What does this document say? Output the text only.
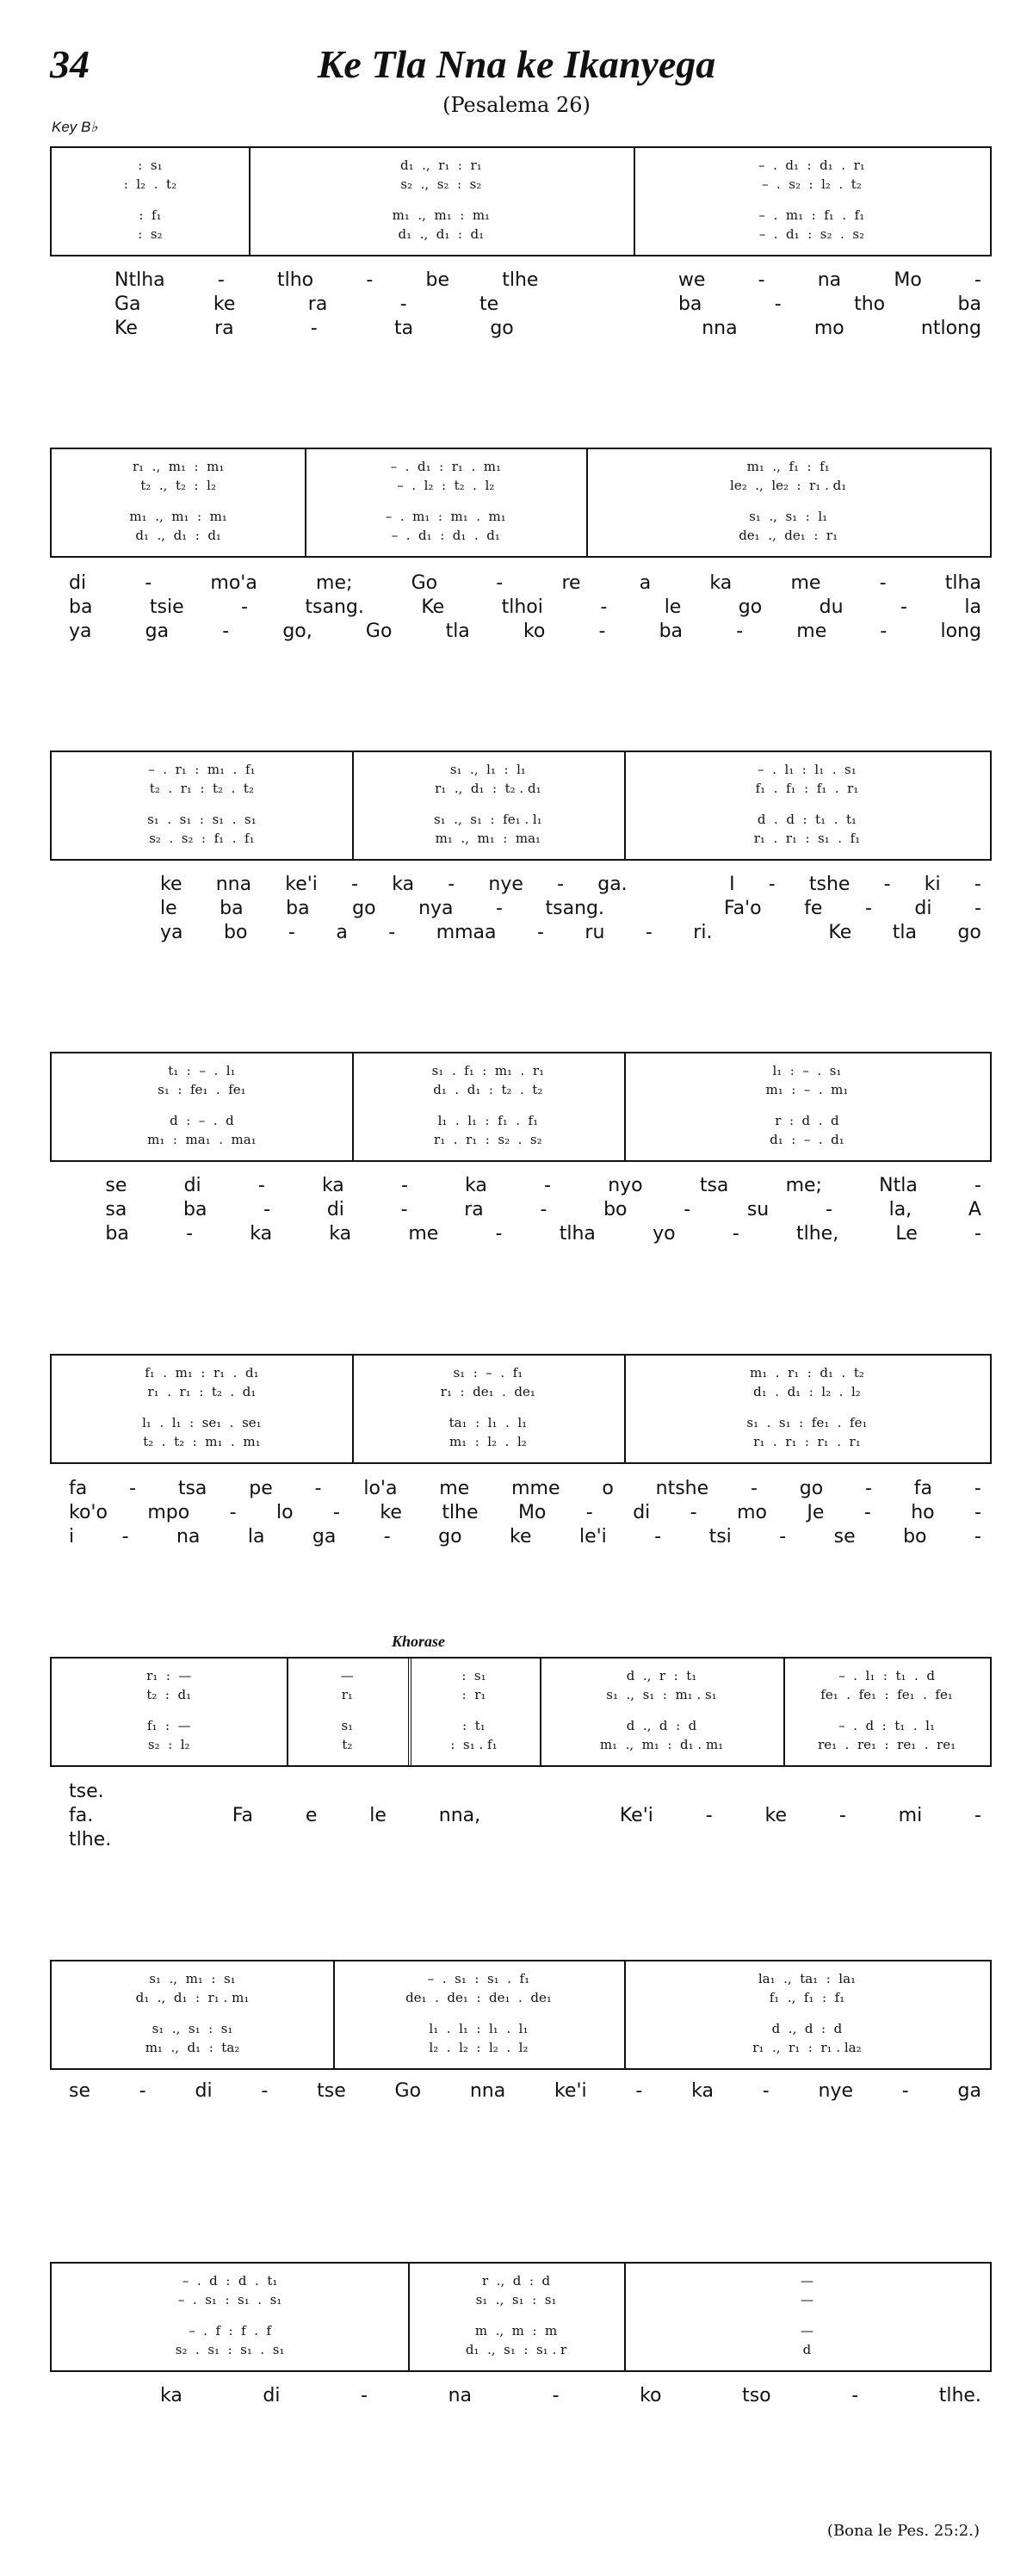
34	Ke Tla Nna ke Ikanyega
(Pesalema 26)
Key B♭
:  s₁	d₁  .,  r₁  :  r₁	–  .  d₁  :  d₁  .  r₁
:  l₂  .  t₂	s₂  .,  s₂  :  s₂	–  .  s₂  :  l₂  .  t₂
:  f₁	m₁  .,  m₁  :  m₁	–  .  m₁  :  f₁  .  f₁
:  s₂	d₁  .,  d₁  :  d₁	–  .  d₁  :  s₂  .  s₂
Ntlha	-	tlho	-	be	tlhe	we	-	na	Mo	-
Ga	ke	ra	-	te	ba	-	tho	ba
Ke	ra	-	ta	go	nna	mo	ntlong
r₁  .,  m₁  :  m₁	–  .  d₁  :  r₁  .  m₁	m₁  .,  f₁  :  f₁
t₂  .,  t₂  :  l₂	–  .  l₂  :  t₂  .  l₂	le₂  .,  le₂  :  r₁ . d₁
m₁  .,  m₁  :  m₁	–  .  m₁  :  m₁  .  m₁	s₁  .,  s₁  :  l₁
d₁  .,  d₁  :  d₁	–  .  d₁  :  d₁  .  d₁	de₁  .,  de₁  :  r₁
di	-	mo'a	me;	Go	-	re	a	ka	me	-	tlha
ba	tsie	-	tsang.	Ke	tlhoi	-	le	go	du	-	la
ya	ga	-	go,	Go	tla	ko	-	ba	-	me	-	long
–  .  r₁  :  m₁  .  f₁	s₁  .,  l₁  :  l₁	–  .  l₁  :  l₁  .  s₁
t₂  .  r₁  :  t₂  .  t₂	r₁  .,  d₁  :  t₂ . d₁	f₁  .  f₁  :  f₁  .  r₁
s₁  .  s₁  :  s₁  .  s₁	s₁  .,  s₁  :  fe₁ . l₁	d  .  d  :  t₁  .  t₁
s₂  .  s₂  :  f₁  .  f₁	m₁  .,  m₁  :  ma₁	r₁  .  r₁  :  s₁  .  f₁
ke nna ke'i - ka - nye - ga.	I - tshe - ki -
le ba ba go nya - tsang.	Fa'o fe - di -
ya bo - a - mmaa - ru - ri.	Ke tla go
t₁  :  –  .  l₁	s₁  .  f₁  :  m₁  .  r₁	l₁  :  –  .  s₁
s₁  :  fe₁  .  fe₁	d₁  .  d₁  :  t₂  .  t₂	m₁  :  –  .  m₁
d  :  –  .  d	l₁  .  l₁  :  f₁  .  f₁	r  :  d  .  d
m₁  :  ma₁  .  ma₁	r₁  .  r₁  :  s₂  .  s₂	d₁  :  –  .  d₁
se	di	-	ka	-	ka	-	nyo	tsa	me;	Ntla	-
sa	ba	-	di	-	ra	-	bo	-	su	-	la,	A
ba	-	ka	ka	me	-	tlha	yo	-	tlhe,	Le	-
f₁  .  m₁  :  r₁  .  d₁	s₁  :  –  .  f₁	m₁  .  r₁  :  d₁  .  t₂
r₁  .  r₁  :  t₂  .  d₁	r₁  :  de₁  .  de₁	d₁  .  d₁  :  l₂  .  l₂
l₁  .  l₁  :  se₁  .  se₁	ta₁  :  l₁  .  l₁	s₁  .  s₁  :  fe₁  .  fe₁
t₂  .  t₂  :  m₁  .  m₁	m₁  :  l₂  .  l₂	r₁  .  r₁  :  r₁  .  r₁
fa - tsa pe - lo'a me mme o ntshe - go - fa -
ko'o mpo - lo - ke tlhe Mo - di - mo Je - ho -
i	-	na	la	ga	-	go	ke	le'i	-	tsi	-	se	bo	-
r₁  :  —	—	:  s₁	d  .,  r  :  t₁	–  .  l₁  :  t₁  .  d
t₂  :  d₁	r₁	:  r₁	s₁  .,  s₁  :  m₁ . s₁	fe₁  .  fe₁  :  fe₁  .  fe₁
f₁  :  —	s₁	:  t₁	d  .,  d  :  d	–  .  d  :  t₁  .  l₁
s₂  :  l₂	t₂	:  s₁ . f₁	m₁  .,  m₁  :  d₁ . m₁	re₁  .  re₁  :  re₁  .  re₁
Khorase
tse.
fa.	Fa	e	le	nna,	Ke'i	-	ke	-	mi	-
tlhe.
s₁  .,  m₁  :  s₁	–  .  s₁  :  s₁  .  f₁	la₁  .,  ta₁  :  la₁
d₁  .,  d₁  :  r₁ . m₁	de₁  .  de₁  :  de₁  .  de₁	f₁  .,  f₁  :  f₁
s₁  .,  s₁  :  s₁	l₁  .  l₁  :  l₁  .  l₁	d  .,  d  :  d
m₁  .,  d₁  :  ta₂	l₂  .  l₂  :  l₂  .  l₂	r₁  .,  r₁  :  r₁ . la₂
se	-	di	-	tse	Go	nna	ke'i	-	ka	-	nye	-	ga
–  .  d  :  d  .  t₁	r  .,  d  :  d	—
–  .  s₁  :  s₁  .  s₁	s₁  .,  s₁  :  s₁	—
–  .  f  :  f  .  f	m  .,  m  :  m	—
s₂  .  s₁  :  s₁  .  s₁	d₁  .,  s₁  :  s₁ . r	d
ka	di	-	na	-	ko	tso	-	tlhe.
(Bona le Pes. 25:2.)
